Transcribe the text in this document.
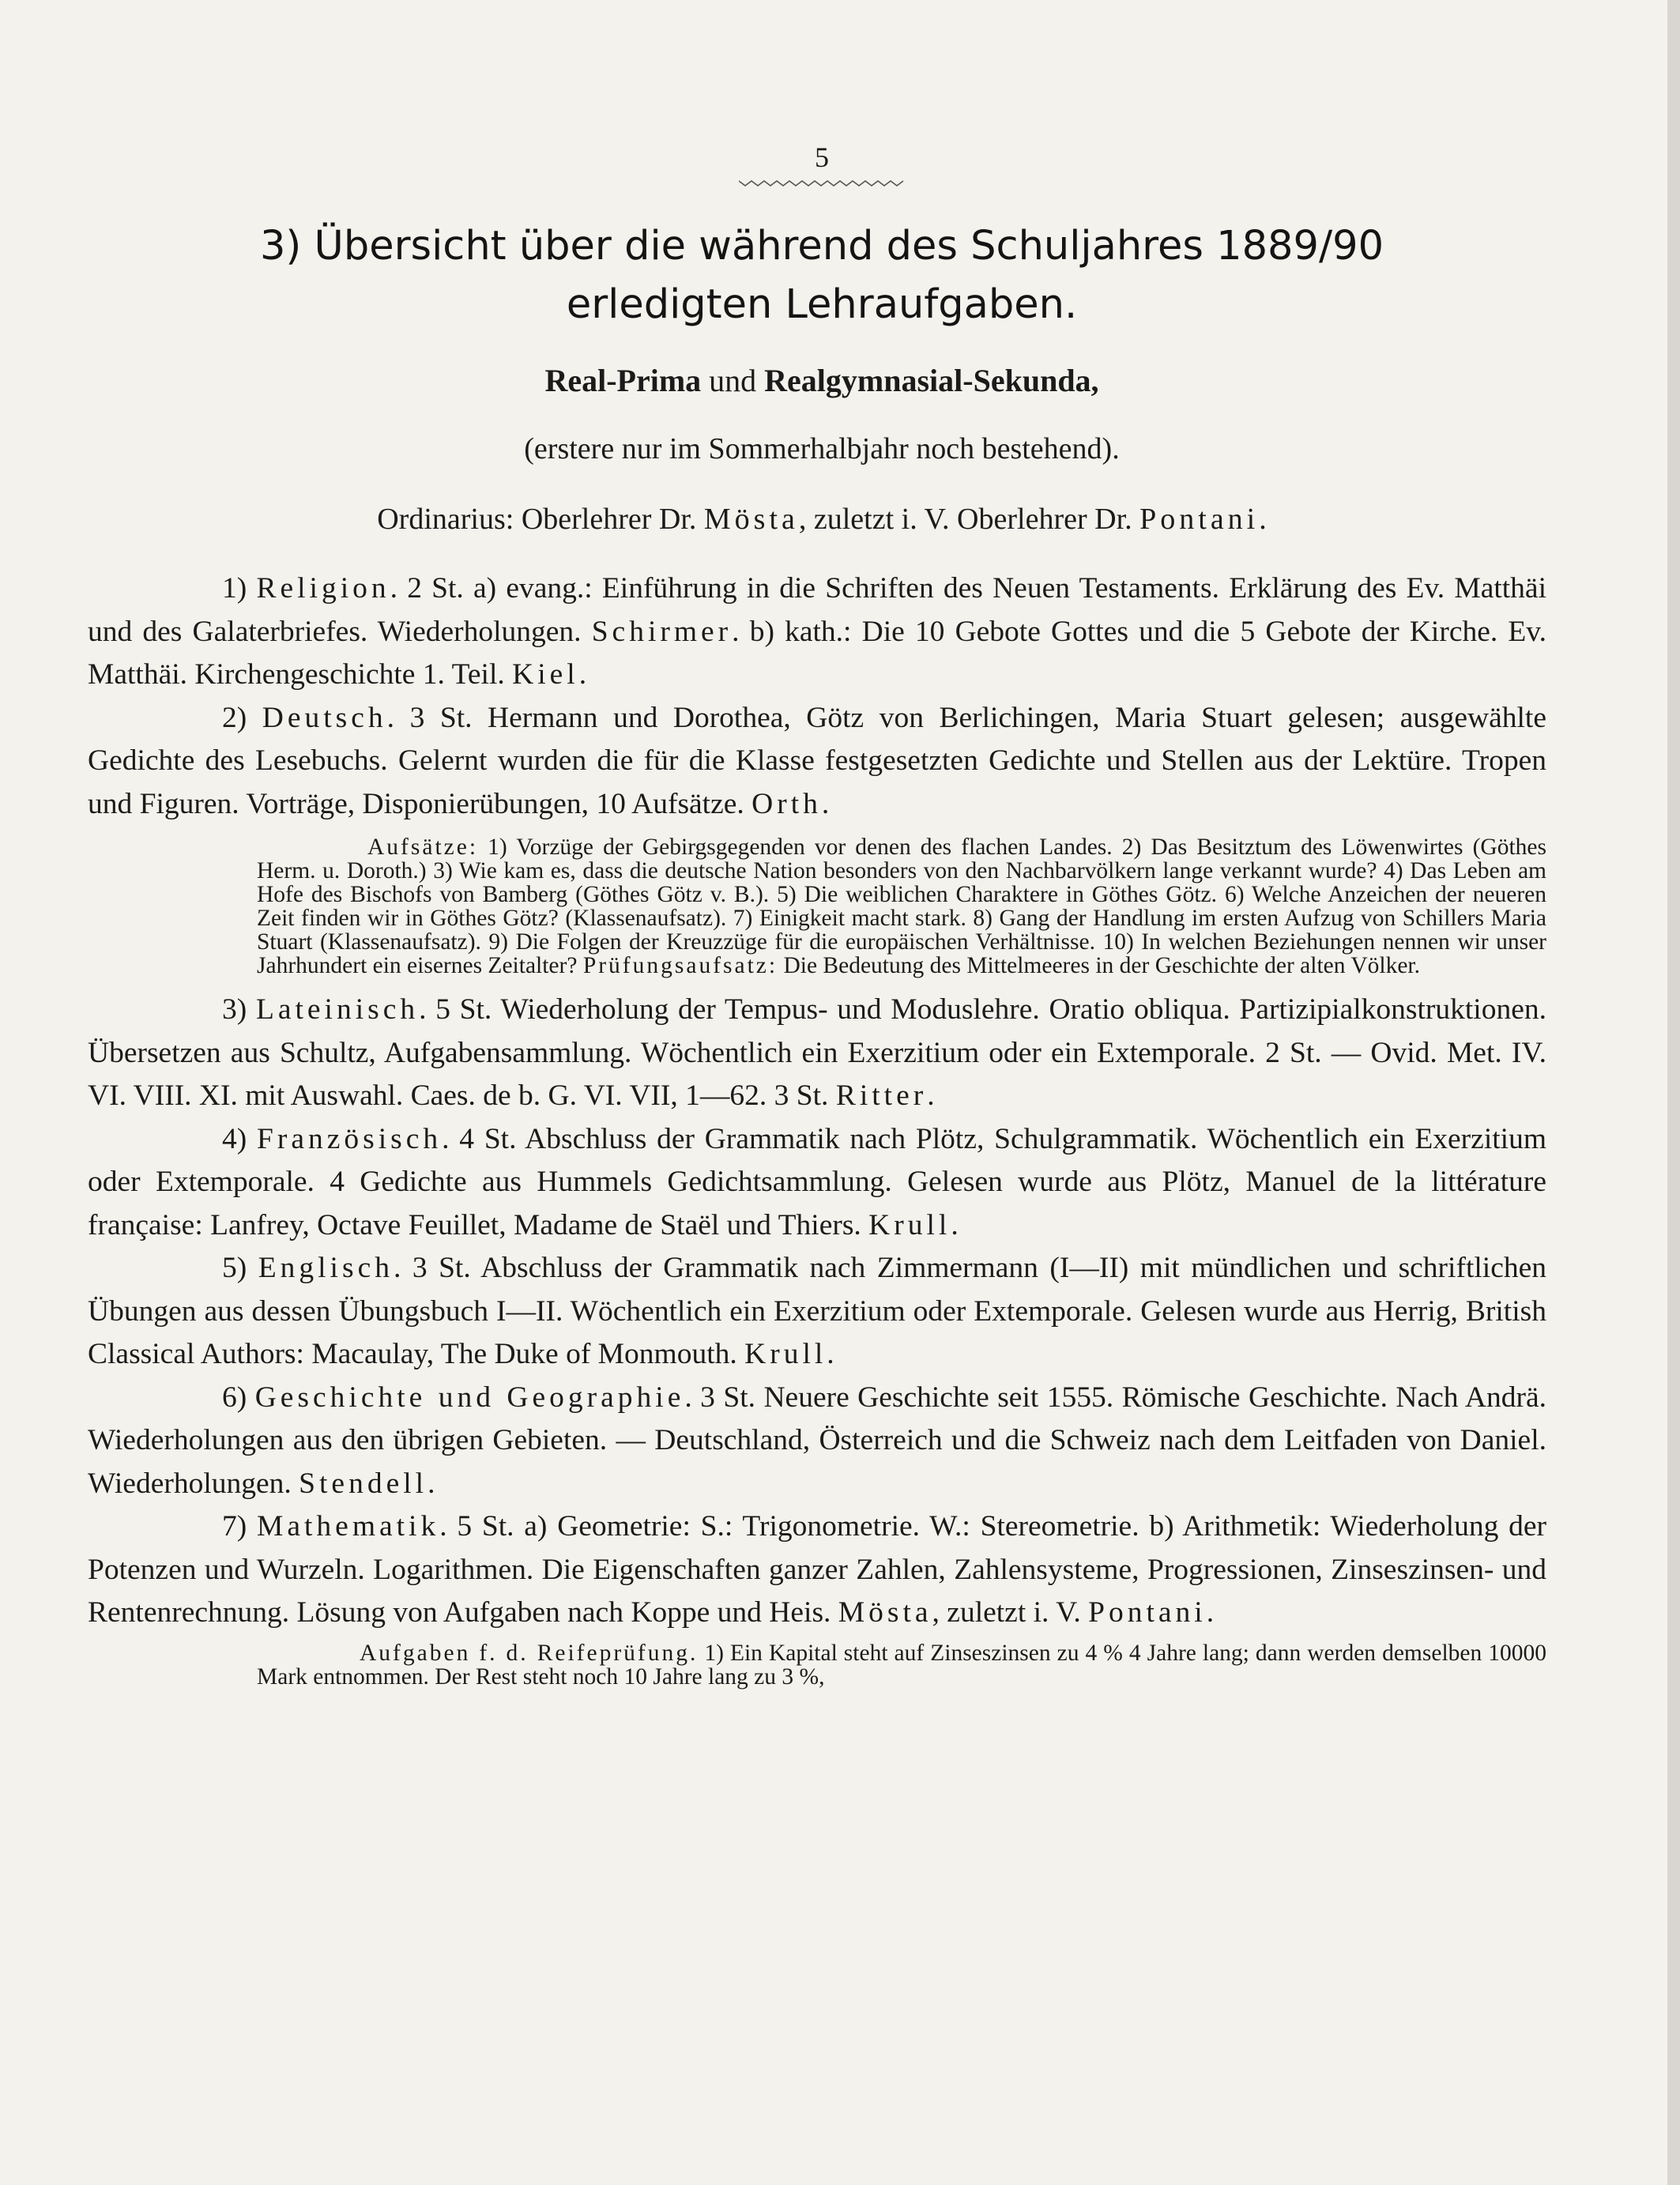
5
3) Übersicht über die während des Schuljahres 1889/90
erledigten Lehraufgaben.
Real-Prima und Realgymnasial-Sekunda,
(erstere nur im Sommerhalbjahr noch bestehend).
Ordinarius: Oberlehrer Dr. Mösta, zuletzt i. V. Oberlehrer Dr. Pontani.

1) Religion. 2 St. a) evang.: Einführung in die Schriften des Neuen Testaments. Erklärung des Ev. Matthäi und des Galaterbriefes. Wiederholungen. Schirmer. b) kath.: Die 10 Gebote Gottes und die 5 Gebote der Kirche. Ev. Matthäi. Kirchengeschichte 1. Teil. Kiel.

2) Deutsch. 3 St. Hermann und Dorothea, Götz von Berlichingen, Maria Stuart gelesen; ausgewählte Gedichte des Lesebuchs. Gelernt wurden die für die Klasse festgesetzten Gedichte und Stellen aus der Lektüre. Tropen und Figuren. Vorträge, Disponierübungen, 10 Aufsätze. Orth.

Aufsätze: 1) Vorzüge der Gebirgsgegenden vor denen des flachen Landes. 2) Das Besitztum des Löwenwirtes (Göthes Herm. u. Doroth.) 3) Wie kam es, dass die deutsche Nation besonders von den Nachbarvölkern lange verkannt wurde? 4) Das Leben am Hofe des Bischofs von Bamberg (Göthes Götz v. B.). 5) Die weiblichen Charaktere in Göthes Götz. 6) Welche Anzeichen der neueren Zeit finden wir in Göthes Götz? (Klassenaufsatz). 7) Einigkeit macht stark. 8) Gang der Handlung im ersten Aufzug von Schillers Maria Stuart (Klassenaufsatz). 9) Die Folgen der Kreuzzüge für die europäischen Verhältnisse. 10) In welchen Beziehungen nennen wir unser Jahrhundert ein eisernes Zeitalter? Prüfungsaufsatz: Die Bedeutung des Mittelmeeres in der Geschichte der alten Völker.

3) Lateinisch. 5 St. Wiederholung der Tempus- und Moduslehre. Oratio obliqua. Partizipialkonstruktionen. Übersetzen aus Schultz, Aufgabensammlung. Wöchentlich ein Exerzitium oder ein Extemporale. 2 St. — Ovid. Met. IV. VI. VIII. XI. mit Auswahl. Caes. de b. G. VI. VII, 1—62. 3 St. Ritter.

4) Französisch. 4 St. Abschluss der Grammatik nach Plötz, Schulgrammatik. Wöchentlich ein Exerzitium oder Extemporale. 4 Gedichte aus Hummels Gedichtsammlung. Gelesen wurde aus Plötz, Manuel de la littérature française: Lanfrey, Octave Feuillet, Madame de Staël und Thiers. Krull.

5) Englisch. 3 St. Abschluss der Grammatik nach Zimmermann (I—II) mit mündlichen und schriftlichen Übungen aus dessen Übungsbuch I—II. Wöchentlich ein Exerzitium oder Extemporale. Gelesen wurde aus Herrig, British Classical Authors: Macaulay, The Duke of Monmouth. Krull.

6) Geschichte und Geographie. 3 St. Neuere Geschichte seit 1555. Römische Geschichte. Nach Andrä. Wiederholungen aus den übrigen Gebieten. — Deutschland, Österreich und die Schweiz nach dem Leitfaden von Daniel. Wiederholungen. Stendell.

7) Mathematik. 5 St. a) Geometrie: S.: Trigonometrie. W.: Stereometrie. b) Arithmetik: Wiederholung der Potenzen und Wurzeln. Logarithmen. Die Eigenschaften ganzer Zahlen, Zahlensysteme, Progressionen, Zinseszinsen- und Rentenrechnung. Lösung von Aufgaben nach Koppe und Heis. Mösta, zuletzt i. V. Pontani.

Aufgaben f. d. Reifeprüfung. 1) Ein Kapital steht auf Zinseszinsen zu 4 % 4 Jahre lang; dann werden demselben 10000 Mark entnommen. Der Rest steht noch 10 Jahre lang zu 3 %,
